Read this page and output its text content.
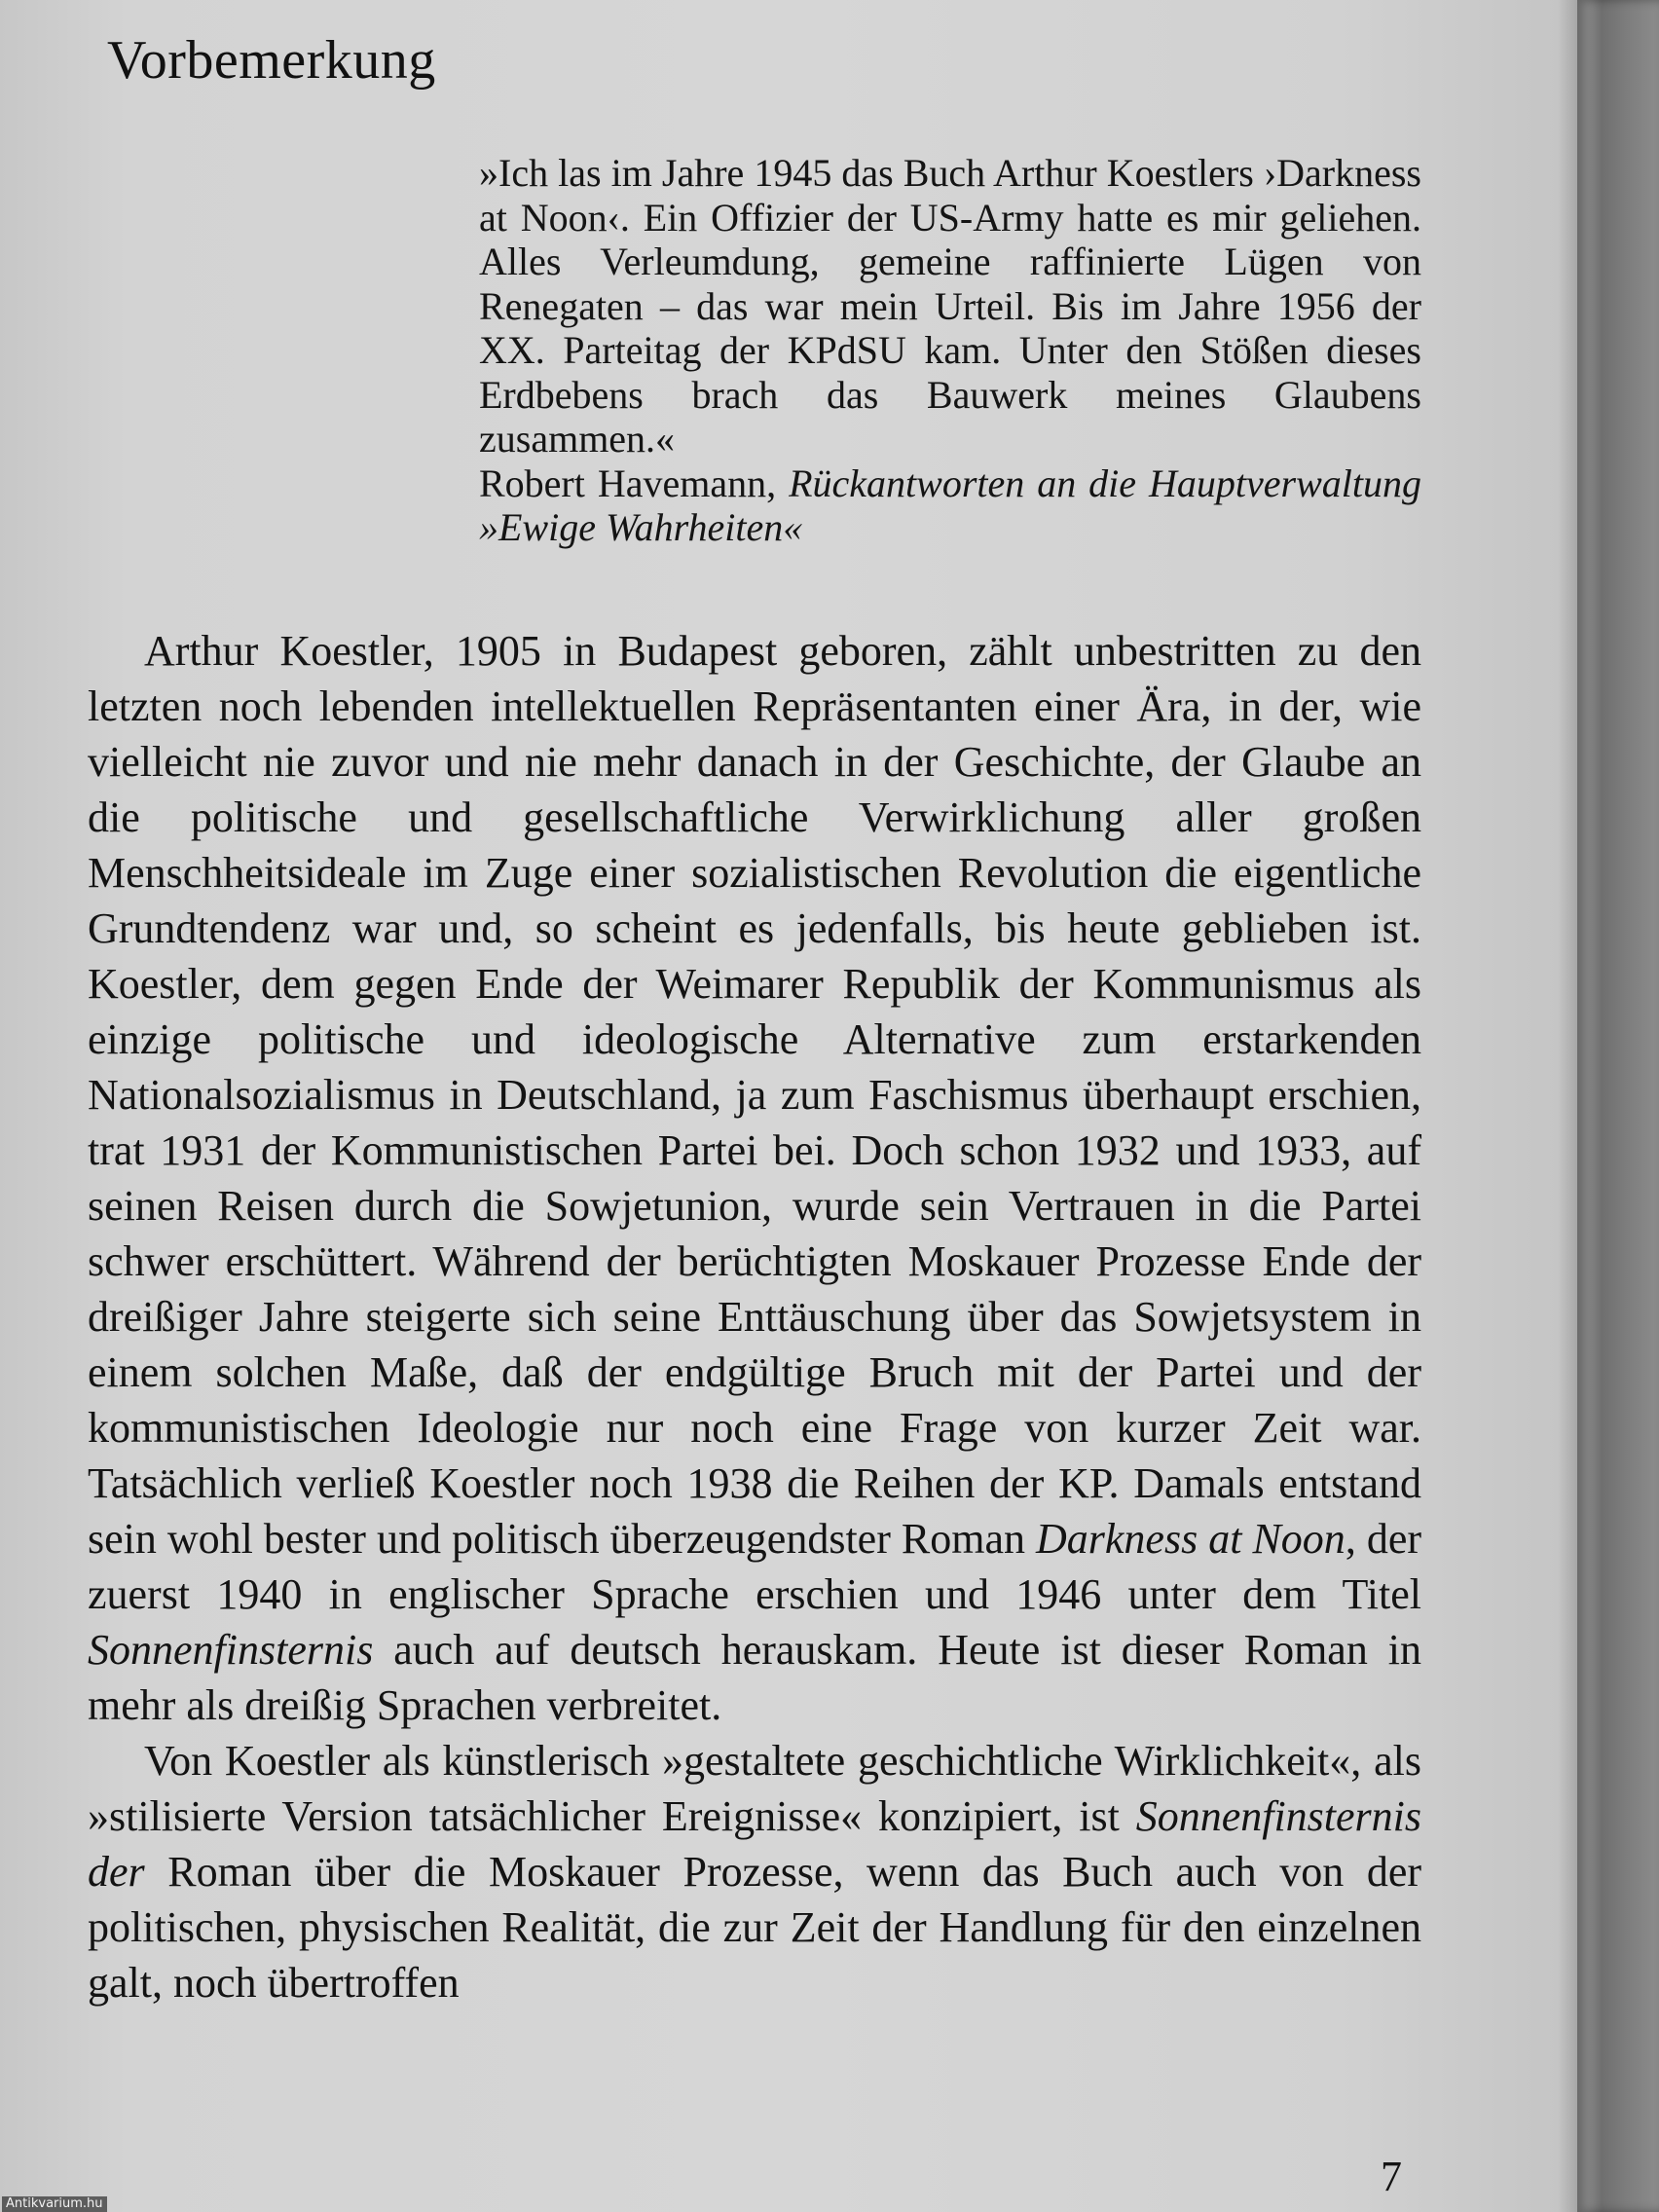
Vorbemerkung

»Ich las im Jahre 1945 das Buch Arthur Koestlers ›Darkness at Noon‹. Ein Offizier der US-Army hatte es mir geliehen. Alles Verleumdung, gemeine raffinierte Lügen von Renegaten – das war mein Urteil. Bis im Jahre 1956 der XX. Parteitag der KPdSU kam. Unter den Stößen dieses Erdbebens brach das Bauwerk meines Glaubens zusammen.«

Robert Havemann, Rückantworten an die Hauptverwaltung »Ewige Wahrheiten«

Arthur Koestler, 1905 in Budapest geboren, zählt unbestritten zu den letzten noch lebenden intellektuellen Repräsentanten einer Ära, in der, wie vielleicht nie zuvor und nie mehr danach in der Geschichte, der Glaube an die politische und gesellschaftliche Verwirklichung aller großen Menschheitsideale im Zuge einer sozialistischen Revolution die eigentliche Grundtendenz war und, so scheint es jedenfalls, bis heute geblieben ist. Koestler, dem gegen Ende der Weimarer Republik der Kommunismus als einzige politische und ideologische Alternative zum erstarkenden Nationalsozialismus in Deutschland, ja zum Faschismus überhaupt erschien, trat 1931 der Kommunistischen Partei bei. Doch schon 1932 und 1933, auf seinen Reisen durch die Sowjetunion, wurde sein Vertrauen in die Partei schwer erschüttert. Während der berüchtigten Moskauer Prozesse Ende der dreißiger Jahre steigerte sich seine Enttäuschung über das Sowjetsystem in einem solchen Maße, daß der endgültige Bruch mit der Partei und der kommunistischen Ideologie nur noch eine Frage von kurzer Zeit war. Tatsächlich verließ Koestler noch 1938 die Reihen der KP. Damals entstand sein wohl bester und politisch überzeugendster Roman Darkness at Noon, der zuerst 1940 in englischer Sprache erschien und 1946 unter dem Titel Sonnenfinsternis auch auf deutsch herauskam. Heute ist dieser Roman in mehr als dreißig Sprachen verbreitet.

Von Koestler als künstlerisch »gestaltete geschichtliche Wirklichkeit«, als »stilisierte Version tatsächlicher Ereignisse« konzipiert, ist Sonnenfinsternis der Roman über die Moskauer Prozesse, wenn das Buch auch von der politischen, physischen Realität, die zur Zeit der Handlung für den einzelnen galt, noch übertroffen

7
Antikvarium.hu
